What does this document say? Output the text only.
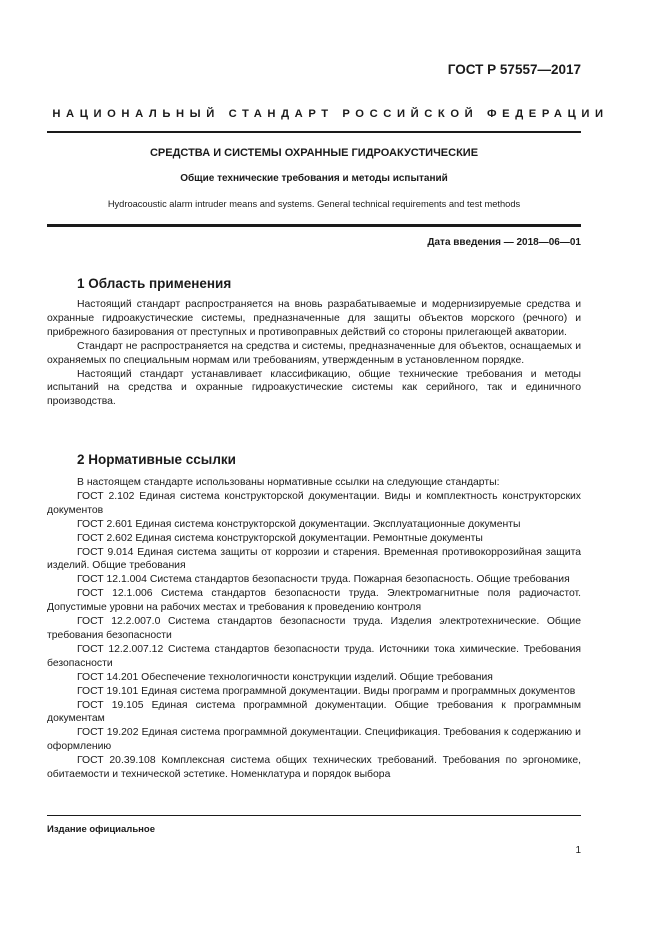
ГОСТ Р 57557—2017
НАЦИОНАЛЬНЫЙ СТАНДАРТ РОССИЙСКОЙ ФЕДЕРАЦИИ
СРЕДСТВА И СИСТЕМЫ ОХРАННЫЕ ГИДРОАКУСТИЧЕСКИЕ
Общие технические требования и методы испытаний
Hydroacoustic alarm intruder means and systems. General technical requirements and test methods
Дата введения — 2018—06—01
1 Область применения

Настоящий стандарт распространяется на вновь разрабатываемые и модернизируемые средства и охранные гидроакустические системы, предназначенные для защиты объектов морского (речного) и прибрежного базирования от преступных и противоправных действий со стороны прилегающей акватории.

Стандарт не распространяется на средства и системы, предназначенные для объектов, оснащаемых и охраняемых по специальным нормам или требованиям, утвержденным в установленном порядке.

Настоящий стандарт устанавливает классификацию, общие технические требования и методы испытаний на средства и охранные гидроакустические системы как серийного, так и единичного производства.

2 Нормативные ссылки

В настоящем стандарте использованы нормативные ссылки на следующие стандарты:

ГОСТ 2.102 Единая система конструкторской документации. Виды и комплектность конструкторских документов

ГОСТ 2.601 Единая система конструкторской документации. Эксплуатационные документы

ГОСТ 2.602 Единая система конструкторской документации. Ремонтные документы

ГОСТ 9.014 Единая система защиты от коррозии и старения. Временная противокоррозийная защита изделий. Общие требования

ГОСТ 12.1.004 Система стандартов безопасности труда. Пожарная безопасность. Общие требования

ГОСТ 12.1.006 Система стандартов безопасности труда. Электромагнитные поля радиочастот. Допустимые уровни на рабочих местах и требования к проведению контроля

ГОСТ 12.2.007.0 Система стандартов безопасности труда. Изделия электротехнические. Общие требования безопасности

ГОСТ 12.2.007.12 Система стандартов безопасности труда. Источники тока химические. Требования безопасности

ГОСТ 14.201 Обеспечение технологичности конструкции изделий. Общие требования

ГОСТ 19.101 Единая система программной документации. Виды программ и программных документов

ГОСТ 19.105 Единая система программной документации. Общие требования к программным документам

ГОСТ 19.202 Единая система программной документации. Спецификация. Требования к содержанию и оформлению

ГОСТ 20.39.108 Комплексная система общих технических требований. Требования по эргономике, обитаемости и технической эстетике. Номенклатура и порядок выбора

Издание официальное
1
